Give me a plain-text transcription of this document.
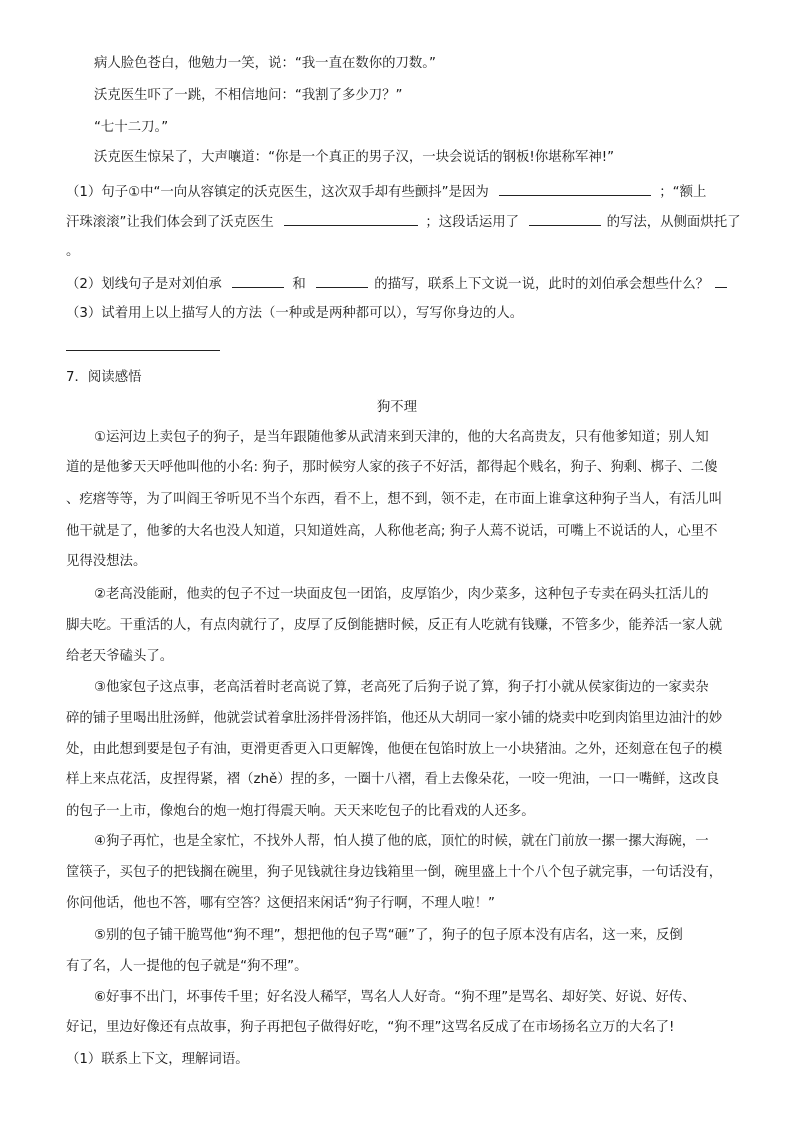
病人脸色苍白，他勉力一笑，说：“我一直在数你的刀数。”
沃克医生吓了一跳，不相信地问：“我割了多少刀？”
“七十二刀。”
沃克医生惊呆了，大声嚷道：“你是一个真正的男子汉，一块会说话的钢板!你堪称军神!”
（1）句子①中“一向从容镇定的沃克医生，这次双手却有些颤抖”是因为	；“额上
汗珠滚滚”让我们体会到了沃克医生	；这段话运用了	的写法，从侧面烘托了
。
（2）划线句子是对刘伯承	和	的描写，联系上下文说一说，此时的刘伯承会想些什么？
（3）试着用上以上描写人的方法（一种或是两种都可以），写写你身边的人。
7．阅读感悟
狗不理
①运河边上卖包子的狗子，是当年跟随他爹从武清来到天津的，他的大名高贵友，只有他爹知道；别人知
道的是他爹天天呼他叫他的小名: 狗子，那时候穷人家的孩子不好活，都得起个贱名，狗子、狗剩、梆子、二傻
、疙瘩等等，为了叫阎王爷听见不当个东西，看不上，想不到，领不走，在市面上谁拿这种狗子当人，有活儿叫
他干就是了，他爹的大名也没人知道，只知道姓高，人称他老高; 狗子人蔫不说话，可嘴上不说话的人，心里不
见得没想法。
②老高没能耐，他卖的包子不过一块面皮包一团馅，皮厚馅少，肉少菜多，这种包子专卖在码头扛活儿的
脚夫吃。干重活的人，有点肉就行了，皮厚了反倒能搪时候，反正有人吃就有钱赚，不管多少，能养活一家人就
给老天爷磕头了。
③他家包子这点事，老高活着时老高说了算，老高死了后狗子说了算，狗子打小就从侯家街边的一家卖杂
碎的铺子里喝出肚汤鲜，他就尝试着拿肚汤拌骨汤拌馅，他还从大胡同一家小铺的烧卖中吃到肉馅里边油汁的妙
处，由此想到要是包子有油，更滑更香更入口更解馋，他便在包馅时放上一小块猪油。之外，还刻意在包子的模
样上来点花活，皮捏得紧，褶（zhě）捏的多，一圈十八褶，看上去像朵花，一咬一兜油，一口一嘴鲜，这改良
的包子一上市，像炮台的炮一炮打得震天响。天天来吃包子的比看戏的人还多。
④狗子再忙，也是全家忙，不找外人帮，怕人摸了他的底，顶忙的时候，就在门前放一摞一摞大海碗，一
筐筷子，买包子的把钱搁在碗里，狗子见钱就往身边钱箱里一倒，碗里盛上十个八个包子就完事，一句话没有，
你问他话，他也不答，哪有空答？这便招来闲话“狗子行啊，不理人啦！”
⑤别的包子铺干脆骂他“狗不理”，想把他的包子骂“砸”了，狗子的包子原本没有店名，这一来，反倒
有了名，人一提他的包子就是“狗不理”。
⑥好事不出门，坏事传千里；好名没人稀罕，骂名人人好奇。“狗不理”是骂名、却好笑、好说、好传、
好记，里边好像还有点故事，狗子再把包子做得好吃，“狗不理”这骂名反成了在市场扬名立万的大名了!
（1）联系上下文，理解词语。
